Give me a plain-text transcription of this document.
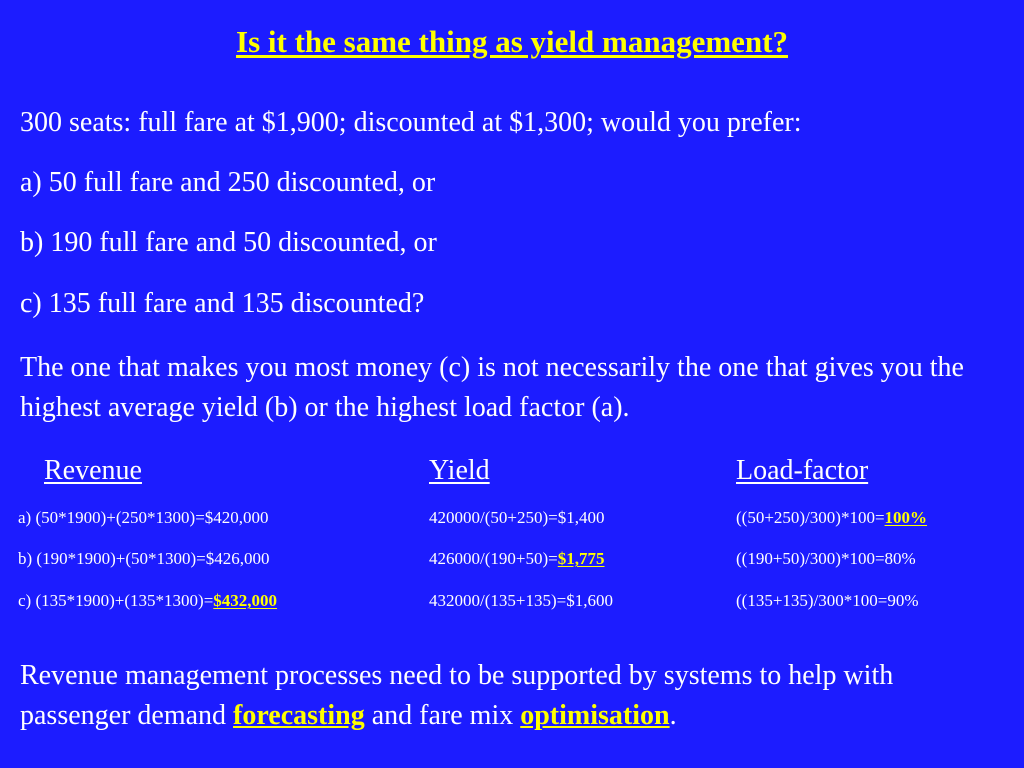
Is it the same thing as yield management?
300 seats: full fare at $1,900; discounted at $1,300; would you prefer:
a) 50 full fare and 250 discounted, or
b) 190 full fare and 50 discounted, or
c) 135 full fare and 135 discounted?
The one that makes you most money (c) is not necessarily the one that gives you the highest average yield (b) or the highest load factor (a).
Revenue	Yield	Load-factor
a) (50*1900)+(250*1300)=$420,000	420000/(50+250)=$1,400	((50+250)/300)*100=100%
b) (190*1900)+(50*1300)=$426,000	426000/(190+50)=$1,775	((190+50)/300)*100=80%
c) (135*1900)+(135*1300)=$432,000	432000/(135+135)=$1,600	((135+135)/300*100=90%
Revenue management processes need to be supported by systems to help with passenger demand forecasting and fare mix optimisation.
